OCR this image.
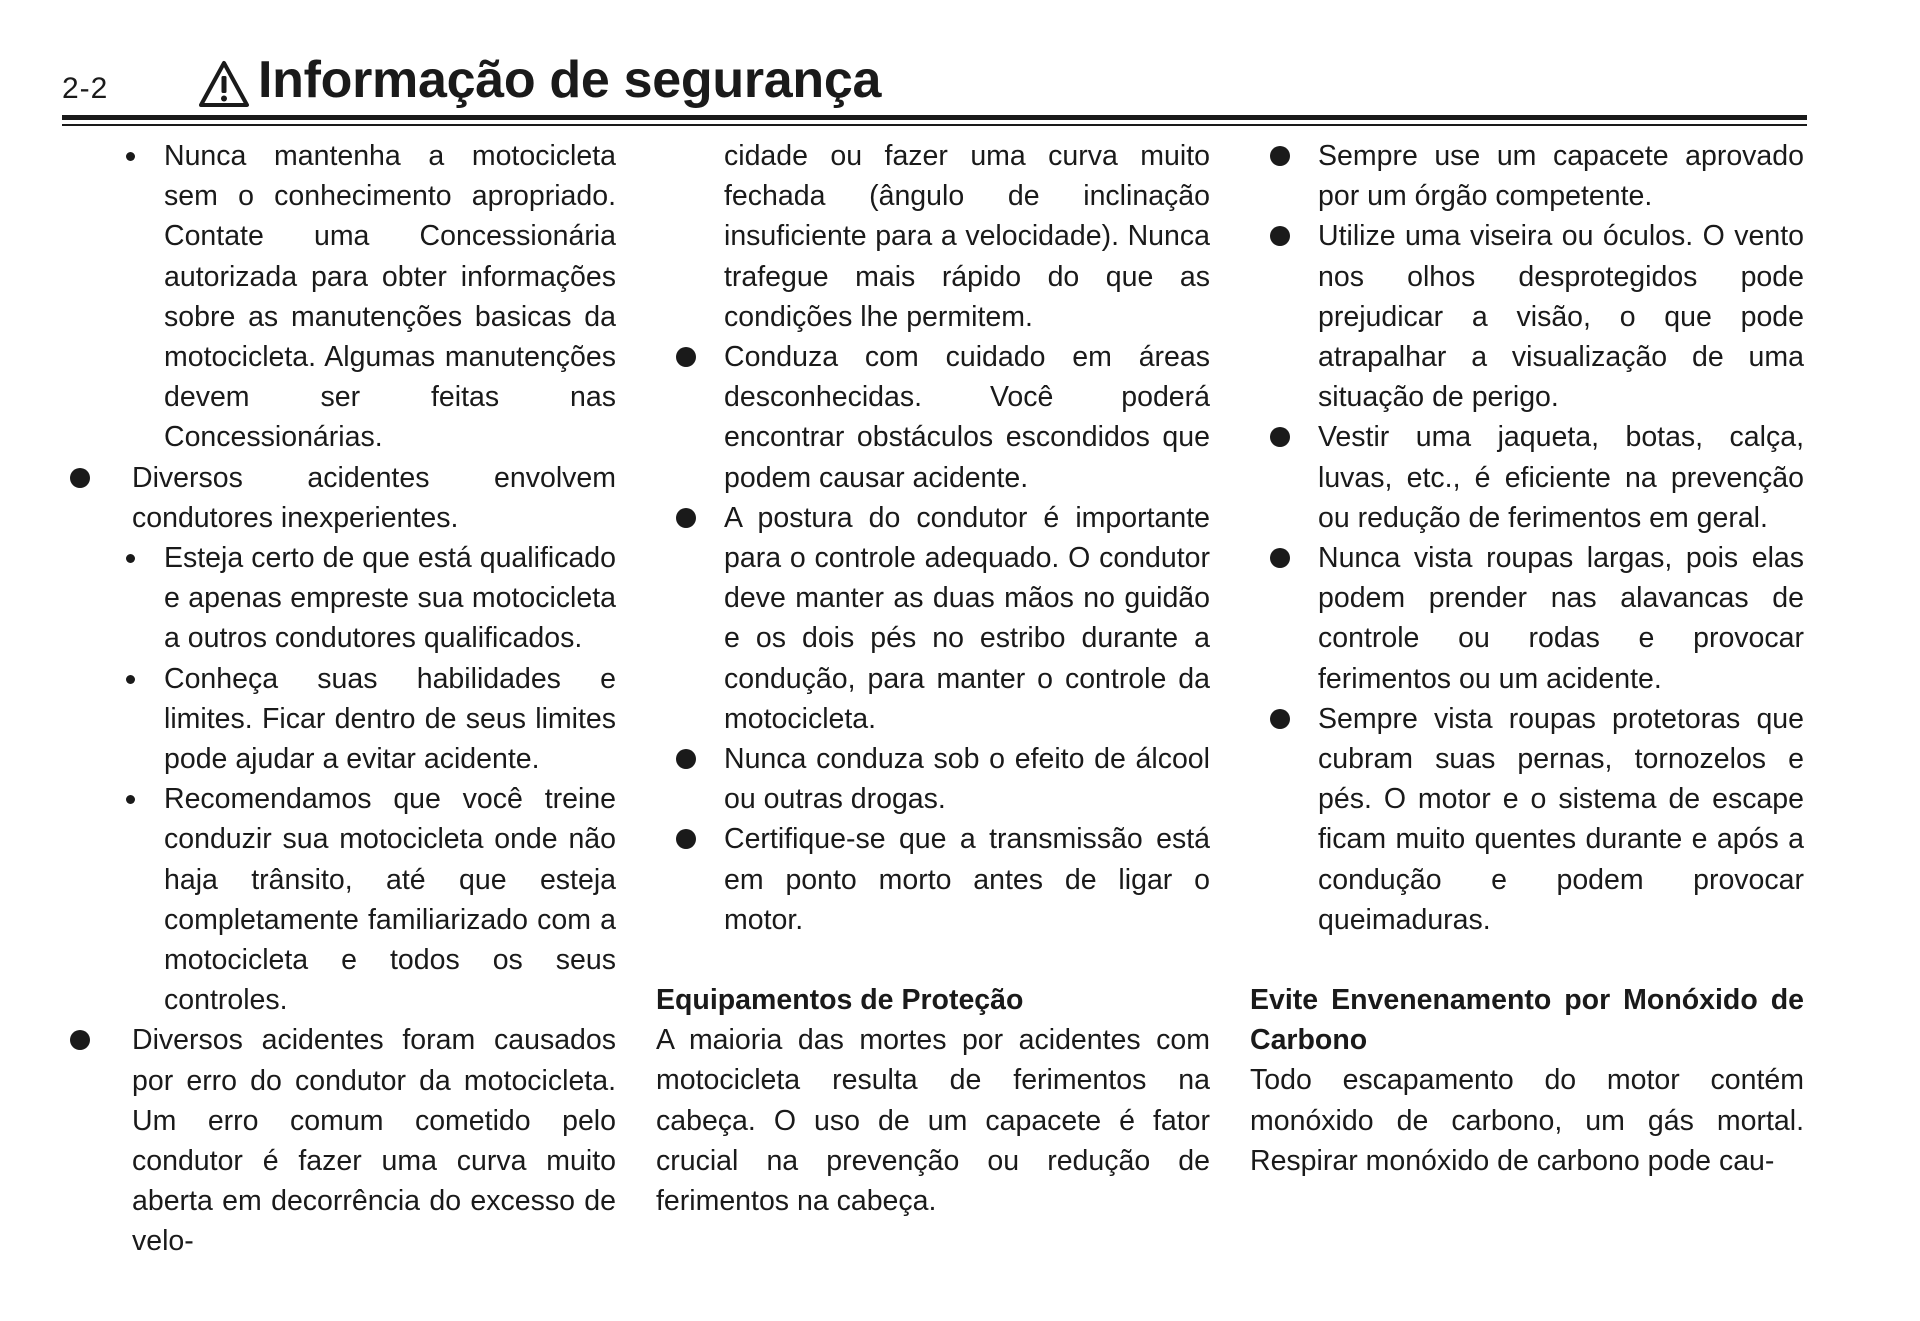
2-2	Informação de segurança
Nunca mantenha a motocicleta sem o conhecimento apropriado. Contate uma Concessionária autorizada para obter informações sobre as manutenções basicas da motocicleta. Algumas manutenções devem ser feitas nas Concessionárias.
Diversos acidentes envolvem condutores inexperientes.
Esteja certo de que está qualificado e apenas empreste sua motocicleta a outros condutores qualificados.
Conheça suas habilidades e limites. Ficar dentro de seus limites pode ajudar a evitar acidente.
Recomendamos que você treine conduzir sua motocicleta onde não haja trânsito, até que esteja completamente familiarizado com a motocicleta e todos os seus controles.
Diversos acidentes foram causados por erro do condutor da motocicleta. Um erro comum cometido pelo condutor é fazer uma curva muito aberta em decorrência do excesso de velo-
cidade ou fazer uma curva muito fechada (ângulo de inclinação insuficiente para a velocidade). Nunca trafegue mais rápido do que as condições lhe permitem.
Conduza com cuidado em áreas desconhecidas. Você poderá encontrar obstáculos escondidos que podem causar acidente.
A postura do condutor é importante para o controle adequado. O condutor deve manter as duas mãos no guidão e os dois pés no estribo durante a condução, para manter o controle da motocicleta.
Nunca conduza sob o efeito de álcool ou outras drogas.
Certifique-se que a transmissão está em ponto morto antes de ligar o motor.
Equipamentos de Proteção
A maioria das mortes por acidentes com motocicleta resulta de ferimentos na cabeça. O uso de um capacete é fator crucial na prevenção ou redução de ferimentos na cabeça.
Sempre use um capacete aprovado por um órgão competente.
Utilize uma viseira ou óculos. O vento nos olhos desprotegidos pode prejudicar a visão, o que pode atrapalhar a visualização de uma situação de perigo.
Vestir uma jaqueta, botas, calça, luvas, etc., é eficiente na prevenção ou redução de ferimentos em geral.
Nunca vista roupas largas, pois elas podem prender nas alavancas de controle ou rodas e provocar ferimentos ou um acidente.
Sempre vista roupas protetoras que cubram suas pernas, tornozelos e pés. O motor e o sistema de escape ficam muito quentes durante e após a condução e podem provocar queimaduras.
Evite Envenenamento por Monóxido de Carbono
Todo escapamento do motor contém monóxido de carbono, um gás mortal. Respirar monóxido de carbono pode cau-
